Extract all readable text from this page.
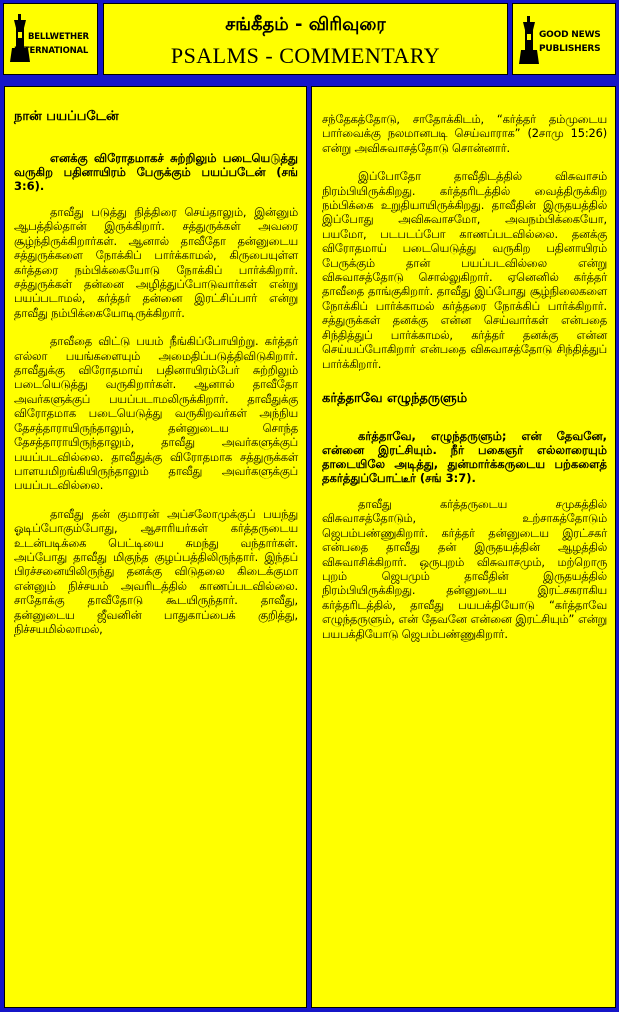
BELLWETHER
INTERNATIONAL
சங்கீதம் - விரிவுரை
PSALMS - COMMENTARY
GOOD NEWS
PUBLISHERS
நான் பயப்படேன்

எனக்கு விரோதமாகச் சுற்றிலும் படையெடுத்து வருகிற பதினாயிரம் பேருக்கும் பயப்படேன் (சங் 3:6).

தாவீது படுத்து நித்திரை செய்தாலும், இன்னும் ஆபத்தில்தான் இருக்கிறார். சத்துருக்கள் அவரை சூழ்ந்திருக்கிறார்கள். ஆனால் தாவீதோ தன்னுடைய சத்துருக்களை நோக்கிப் பார்க்காமல், கிருபையுள்ள கர்த்தரை நம்பிக்கையோடு நோக்கிப் பார்க்கிறார். சத்துருக்கள் தன்னை அழித்துப்போடுவார்கள் என்று பயப்படாமல், கர்த்தர் தன்னை இரட்சிப்பார் என்று தாவீது நம்பிக்கையோடிருக்கிறார்.

தாவீதை விட்டு பயம் நீங்கிப்போயிற்று. கர்த்தர் எல்லா பயங்களையும் அமைதிப்படுத்திவிடுகிறார். தாவீதுக்கு விரோதமாய் பதினாயிரம்பேர் சுற்றிலும் படையெடுத்து வருகிறார்கள். ஆனால் தாவீதோ அவர்களுக்குப் பயப்படாமலிருக்கிறார். தாவீதுக்கு விரோதமாக படையெடுத்து வருகிறவர்கள் அந்நிய தேசத்தாராயிருந்தாலும், தன்னுடைய சொந்த தேசத்தாராயிருந்தாலும், தாவீது அவர்களுக்குப் பயப்படவில்லை. தாவீதுக்கு விரோதமாக சத்துருக்கள் பாளயமிறங்கியிருந்தாலும் தாவீது அவர்களுக்குப் பயப்படவில்லை.

தாவீது தன் குமாரன் அப்சலோமுக்குப் பயந்து ஓடிப்போகும்போது, ஆசாரியர்கள் கர்த்தருடைய உடன்படிக்கை பெட்டியை சுமந்து வந்தார்கள். அப்போது தாவீது மிகுந்த குழப்பத்திலிருந்தார். இந்தப் பிரச்சனையிலிருந்து தனக்கு விடுதலை கிடைக்குமா என்னும் நிச்சயம் அவரிடத்தில் காணப்படவில்லை. சாதோக்கு தாவீதோடு கூடயிருந்தார். தாவீது, தன்னுடைய ஜீவனின் பாதுகாப்பைக் குறித்து, நிச்சயமில்லாமல்,

சந்தேகத்தோடு, சாதோக்கிடம், “கர்த்தர் தம்முடைய பார்வைக்கு நலமானபடி செய்வாராக” (2சாமு 15:26) என்று அவிசுவாசத்தோடு சொன்னார்.

இப்போதோ தாவீதிடத்தில் விசுவாசம் நிரம்பியிருக்கிறது. கர்த்தரிடத்தில் வைத்திருக்கிற நம்பிக்கை உறுதியாயிருக்கிறது. தாவீதின் இருதயத்தில் இப்போது அவிசுவாசமோ, அவநம்பிக்கையோ, பயமோ, படபடப்போ காணப்படவில்லை. தனக்கு விரோதமாய் படையெடுத்து வருகிற பதினாயிரம் பேருக்கும் தான் பயப்படவில்லை என்று விசுவாசத்தோடு சொல்லுகிறார். ஏனெனில் கர்த்தர் தாவீதை தாங்குகிறார். தாவீது இப்போது சூழ்நிலைகளை நோக்கிப் பார்க்காமல் கர்த்தரை நோக்கிப் பார்க்கிறார். சத்துருக்கள் தனக்கு என்ன செய்வார்கள் என்பதை சிந்தித்துப் பார்க்காமல், கர்த்தர் தனக்கு என்ன செய்யப்போகிறார் என்பதை விசுவாசத்தோடு சிந்தித்துப் பார்க்கிறார்.

கர்த்தாவே எழுந்தருளும்

கர்த்தாவே, எழுந்தருளும்; என் தேவனே, என்னை இரட்சியும். நீர் பகைஞர் எல்லாரையும் தாடையிலே அடித்து, துன்மார்க்கருடைய பற்களைத் தகர்த்துப்போட்டீர் (சங் 3:7).

தாவீது கர்த்தருடைய சமுகத்தில் விசுவாசத்தோடும், உற்சாகத்தோடும் ஜெபம்பண்ணுகிறார். கர்த்தர் தன்னுடைய இரட்சகர் என்பதை தாவீது தன் இருதயத்தின் ஆழத்தில் விசுவாசிக்கிறார். ஒருபுறம் விசுவாசமும், மற்றொரு புறம் ஜெபமும் தாவீதின் இருதயத்தில் நிரம்பியிருக்கிறது. தன்னுடைய இரட்சகராகிய கர்த்தரிடத்தில், தாவீது பயபக்தியோடு “கர்த்தாவே எழுந்தருளும், என் தேவனே என்னை இரட்சியும்” என்று பயபக்தியோடு ஜெபம்பண்ணுகிறார்.
